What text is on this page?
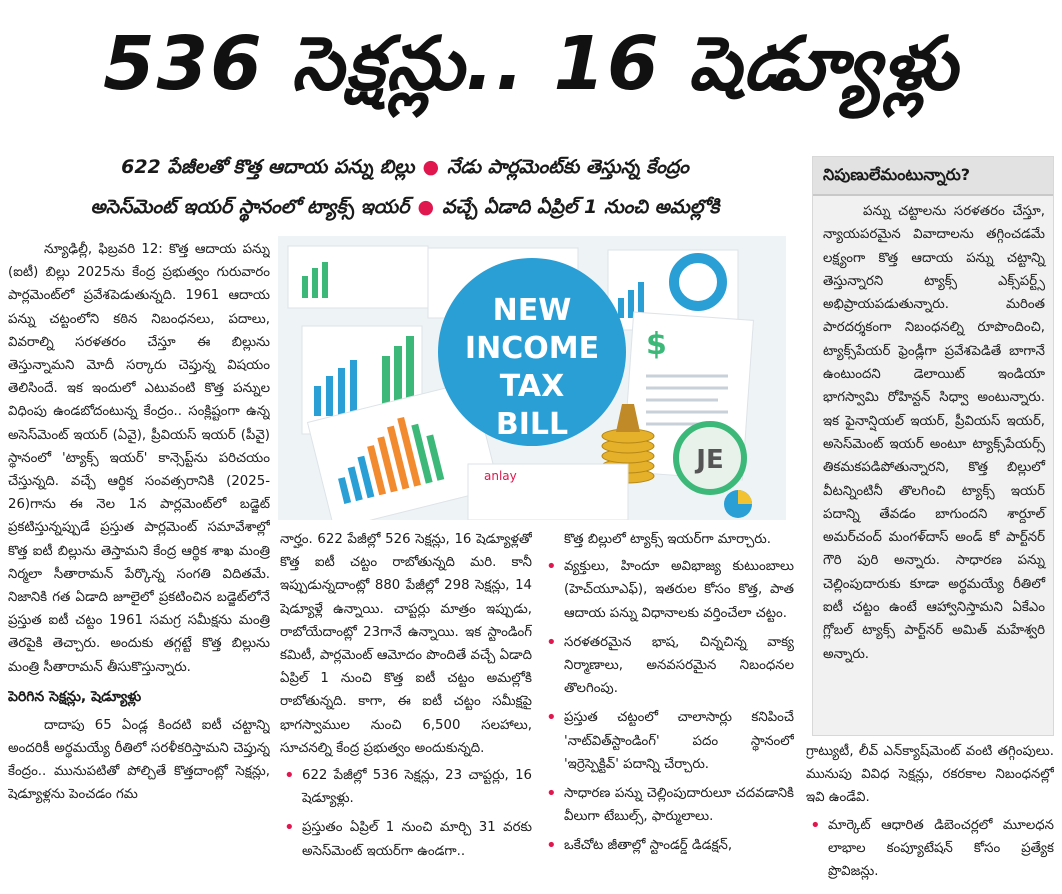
536 సెక్షన్లు.. 16 షెడ్యూళ్లు
622 పేజీలతో కొత్త ఆదాయ పన్ను బిల్లు ● నేడు పార్లమెంట్‌కు తెస్తున్న కేంద్రం
అసెస్‌మెంట్ ఇయర్ స్థానంలో ట్యాక్స్ ఇయర్ ● వచ్చే ఏడాది ఏప్రిల్ 1 నుంచి అమల్లోకి

న్యూఢిల్లీ, ఫిబ్రవరి 12: కొత్త ఆదాయ పన్ను (ఐటీ) బిల్లు 2025ను కేంద్ర ప్రభుత్వం గురువారం పార్లమెంట్‌లో ప్రవేశపెడుతున్నది. 1961 ఆదాయ పన్ను చట్టంలోని కఠిన నిబంధనలు, పదాలు, వివరాల్ని సరళతరం చేస్తూ ఈ బిల్లును తెస్తున్నామని మోదీ సర్కారు చెప్తున్న విషయం తెలిసిందే. ఇక ఇందులో ఎటువంటి కొత్త పన్నుల విధింపు ఉండబోదంటున్న కేంద్రం.. సంక్లిష్టంగా ఉన్న అసెస్‌మెంట్ ఇయర్ (ఏవై), ప్రీవియస్ ఇయర్ (పీవై) స్థానంలో 'ట్యాక్స్ ఇయర్' కాన్సెప్ట్‌ను పరిచయం చేస్తున్నది. వచ్చే ఆర్థిక సంవత్సరానికి (2025-26)గాను ఈ నెల 1న పార్లమెంట్‌లో బడ్జెట్ ప్రకటిస్తున్నప్పుడే ప్రస్తుత పార్లమెంట్ సమావేశాల్లో కొత్త ఐటీ బిల్లును తెస్తామని కేంద్ర ఆర్థిక శాఖ మంత్రి నిర్మలా సీతారామన్ పేర్కొన్న సంగతి విదితమే. నిజానికి గత ఏడాది జూలైలో ప్రకటించిన బడ్జెట్‌లోనే ప్రస్తుత ఐటీ చట్టం 1961 సమగ్ర సమీక్షను మంత్రి తెరపైకి తెచ్చారు. అందుకు తగ్గట్టే కొత్త బిల్లును మంత్రి సీతారామన్ తీసుకొస్తున్నారు.

పెరిగిన సెక్షన్లు, షెడ్యూళ్లు

దాదాపు 65 ఏండ్ల కిందటి ఐటీ చట్టాన్ని అందరికీ అర్థమయ్యే రీతిలో సరళీకరిస్తామని చెప్తున్న కేంద్రం.. మునుపటితో పోల్చితే కొత్తదాంట్లో సెక్షన్లు, షెడ్యూళ్లను పెంచడం గమ

$
JE
anlay
NEW
INCOME
TAX
BILL

నార్హం. 622 పేజీల్లో 526 సెక్షన్లు, 16 షెడ్యూళ్లతో కొత్త ఐటీ చట్టం రాబోతున్నది మరి. కానీ ఇప్పుడున్నదాంట్లో 880 పేజీల్లో 298 సెక్షన్లు, 14 షెడ్యూళ్లే ఉన్నాయి. చాప్టర్లు మాత్రం ఇప్పుడు, రాబోయేదాంట్లో 23గానే ఉన్నాయి. ఇక స్టాండింగ్ కమిటీ, పార్లమెంట్ ఆమోదం పొందితే వచ్చే ఏడాది ఏప్రిల్ 1 నుంచి కొత్త ఐటీ చట్టం అమల్లోకి రాబోతున్నది. కాగా, ఈ ఐటీ చట్టం సమీక్షపై భాగస్వాముల నుంచి 6,500 సలహాలు, సూచనల్ని కేంద్ర ప్రభుత్వం అందుకున్నది.

• 622 పేజీల్లో 536 సెక్షన్లు, 23 చాప్టర్లు, 16 షెడ్యూళ్లు.
• ప్రస్తుతం ఏప్రిల్ 1 నుంచి మార్చి 31 వరకు అసెస్‌మెంట్ ఇయర్‌గా ఉండగా..

కొత్త బిల్లులో ట్యాక్స్ ఇయర్‌గా మార్చారు.

• వ్యక్తులు, హిందూ అవిభాజ్య కుటుంబాలు (హెచ్‌యూఎఫ్), ఇతరుల కోసం కొత్త, పాత ఆదాయ పన్ను విధానాలకు వర్తించేలా చట్టం.
• సరళతరమైన భాష, చిన్నచిన్న వాక్య నిర్మాణాలు, అనవసరమైన నిబంధనల తొలగింపు.
• ప్రస్తుత చట్టంలో చాలాసార్లు కనిపించే 'నాట్‌విత్‌స్టాండింగ్' పదం స్థానంలో 'ఇర్రెస్పెక్టివ్' పదాన్ని చేర్చారు.
• సాధారణ పన్ను చెల్లింపుదారులూ చదవడానికి వీలుగా టేబుల్స్, ఫార్ములాలు.
• ఒకేచోట జీతాల్లో స్టాండర్డ్ డిడక్షన్,
నిపుణులేమంటున్నారు?
పన్ను చట్టాలను సరళతరం చేస్తూ, న్యాయపరమైన వివాదాలను తగ్గించడమే లక్ష్యంగా కొత్త ఆదాయ పన్ను చట్టాన్ని తెస్తున్నారని ట్యాక్స్ ఎక్స్‌పర్ట్స్ అభిప్రాయపడుతున్నారు. మరింత పారదర్శకంగా నిబంధనల్ని రూపొందించి, ట్యాక్స్‌పేయర్ ఫ్రెండ్లీగా ప్రవేశపెడితే బాగానే ఉంటుందని డెలాయిట్ ఇండియా భాగస్వామి రోహిన్టన్ సిధ్వా అంటున్నారు. ఇక ఫైనాన్షియల్ ఇయర్, ప్రీవియస్ ఇయర్, అసెస్‌మెంట్ ఇయర్ అంటూ ట్యాక్స్‌పేయర్స్ తికమకపడిపోతున్నారని, కొత్త బిల్లులో వీటన్నింటినీ తొలగించి ట్యాక్స్ ఇయర్ పదాన్ని తేవడం బాగుందని శార్దూల్ అమర్‌చంద్ మంగళ్‌దాస్ అండ్ కో పార్ట్‌నర్ గౌరి పురి అన్నారు. సాధారణ పన్ను చెల్లింపుదారుకు కూడా అర్థమయ్యే రీతిలో ఐటీ చట్టం ఉంటే ఆహ్వానిస్తామని ఏకేఎం గ్లోబల్ ట్యాక్స్ పార్ట్‌నర్ అమిత్ మహేశ్వరి అన్నారు.

గ్రాట్యుటీ, లీవ్ ఎన్‌క్యాష్‌మెంట్ వంటి తగ్గింపులు. మునుపు వివిధ సెక్షన్లు, రకరకాల నిబంధనల్లో ఇవి ఉండేవి.

• మార్కెట్ ఆధారిత డిబెంచర్లలో మూలధన లాభాల కంప్యూటేషన్ కోసం ప్రత్యేక ప్రొవిజన్లు.
